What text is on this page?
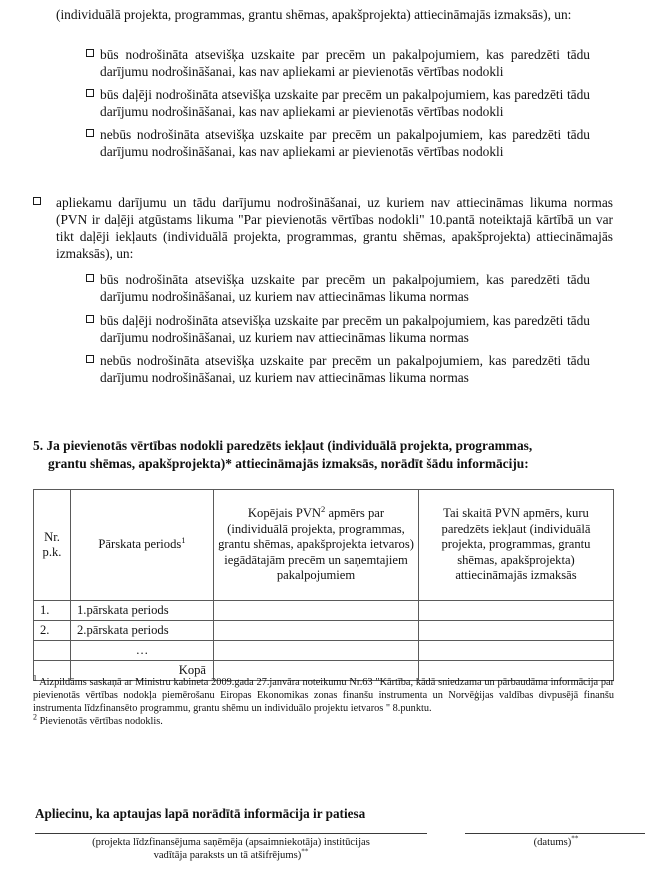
(individuālā projekta, programmas, grantu shēmas, apakšprojekta) attiecināmajās izmaksās), un:

būs nodrošināta atsevišķa uzskaite par precēm un pakalpojumiem, kas paredzēti tādu darījumu nodrošināšanai, kas nav apliekami ar pievienotās vērtības nodokli

būs daļēji nodrošināta atsevišķa uzskaite par precēm un pakalpojumiem, kas paredzēti tādu darījumu nodrošināšanai, kas nav apliekami ar pievienotās vērtības nodokli

nebūs nodrošināta atsevišķa uzskaite par precēm un pakalpojumiem, kas paredzēti tādu darījumu nodrošināšanai, kas nav apliekami ar pievienotās vērtības nodokli

apliekamu darījumu un tādu darījumu nodrošināšanai, uz kuriem nav attiecināmas likuma normas (PVN ir daļēji atgūstams likuma "Par pievienotās vērtības nodokli" 10.pantā noteiktajā kārtībā un var tikt daļēji iekļauts (individuālā projekta, programmas, grantu shēmas, apakšprojekta) attiecināmajās izmaksās), un:

būs nodrošināta atsevišķa uzskaite par precēm un pakalpojumiem, kas paredzēti tādu darījumu nodrošināšanai, uz kuriem nav attiecināmas likuma normas

būs daļēji nodrošināta atsevišķa uzskaite par precēm un pakalpojumiem, kas paredzēti tādu darījumu nodrošināšanai, uz kuriem nav attiecināmas likuma normas

nebūs nodrošināta atsevišķa uzskaite par precēm un pakalpojumiem, kas paredzēti tādu darījumu nodrošināšanai, uz kuriem nav attiecināmas likuma normas

5. Ja pievienotās vērtības nodokli paredzēts iekļaut (individuālā projekta, programmas,
grantu shēmas, apakšprojekta)* attiecināmajās izmaksās, norādīt šādu informāciju:
Nr.
p.k.	Pārskata periods$^1$	Kopējais PVN$^2$ apmērs par (individuālā projekta, programmas, grantu shēmas, apakšprojekta ietvaros) iegādātajām precēm un saņemtajiem pakalpojumiem	Tai skaitā PVN apmērs, kuru paredzēts iekļaut (individuālā projekta, programmas, grantu shēmas, apakšprojekta) attiecināmajās izmaksās
1.	1.pārskata periods		
2.	2.pārskata periods		
	…		
	Kopā		

$^1$ Aizpildāms saskaņā ar Ministru kabineta 2009.gada 27.janvāra noteikumu Nr.63 "Kārtība, kādā sniedzama un pārbaudāma informācija par pievienotās vērtības nodokļa piemērošanu Eiropas Ekonomikas zonas finanšu instrumenta un Norvēģijas valdības divpusējā finanšu instrumenta līdzfinansēto programmu, grantu shēmu un individuālo projektu ietvaros " 8.punktu.

$^2$ Pievienotās vērtības nodoklis.

Apliecinu, ka aptaujas lapā norādītā informācija ir patiesa
(projekta līdzfinansējuma saņēmēja (apsaimniekotāja) institūcijas
vadītāja paraksts un tā atšifrējums)**
(datums)**
